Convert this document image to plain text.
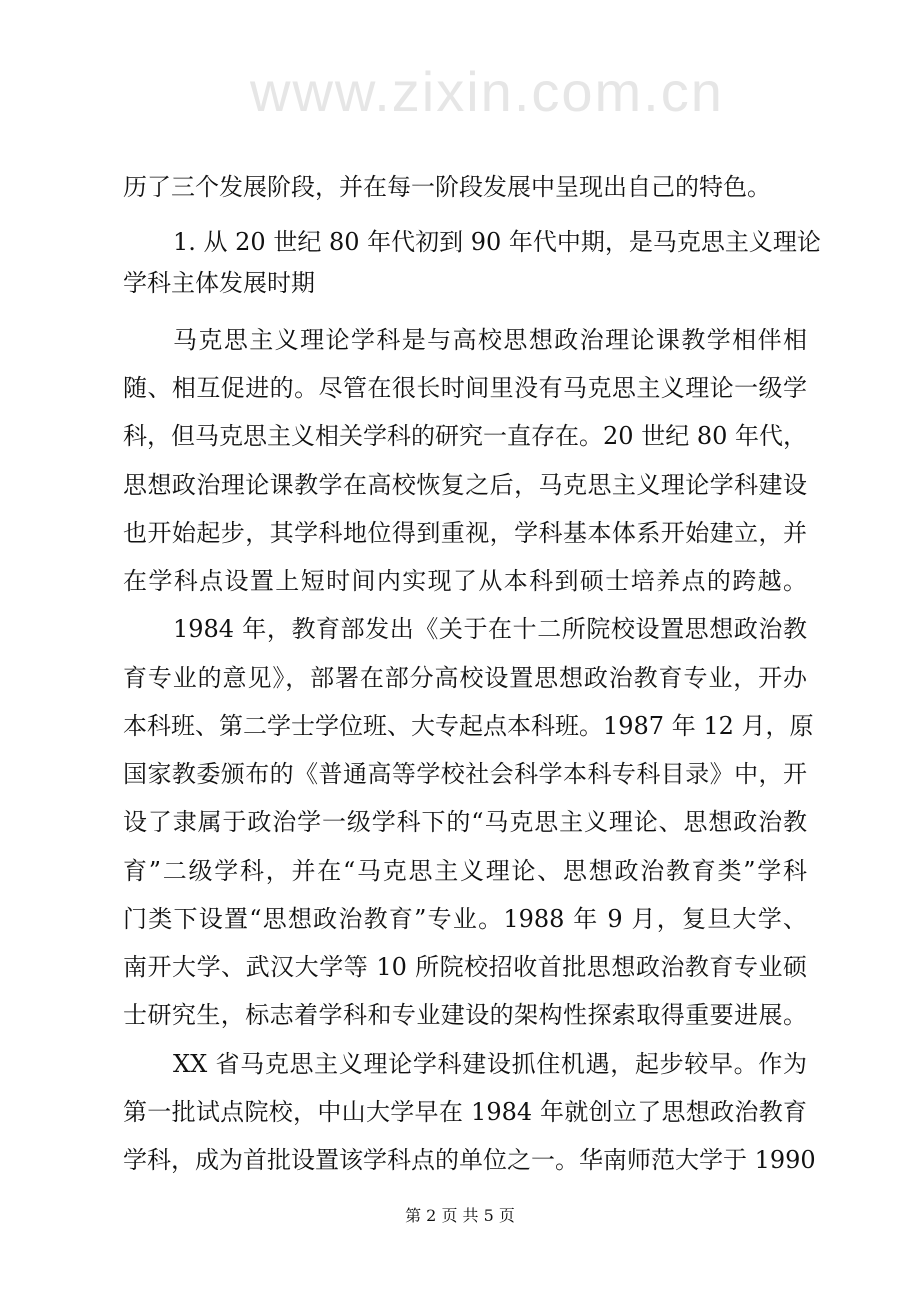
www.zixin.com.cn
历了三个发展阶段，并在每一阶段发展中呈现出自己的特色。
1. 从 20 世纪 80 年代初到 90 年代中期，是马克思主义理论
学科主体发展时期
马克思主义理论学科是与高校思想政治理论课教学相伴相
随、相互促进的。尽管在很长时间里没有马克思主义理论一级学
科，但马克思主义相关学科的研究一直存在。20 世纪 80 年代，
思想政治理论课教学在高校恢复之后，马克思主义理论学科建设
也开始起步，其学科地位得到重视，学科基本体系开始建立，并
在学科点设置上短时间内实现了从本科到硕士培养点的跨越。
1984 年，教育部发出《关于在十二所院校设置思想政治教
育专业的意见》，部署在部分高校设置思想政治教育专业，开办
本科班、第二学士学位班、大专起点本科班。1987 年 12 月，原
国家教委颁布的《普通高等学校社会科学本科专科目录》中，开
设了隶属于政治学一级学科下的“马克思主义理论、思想政治教
育”二级学科，并在“马克思主义理论、思想政治教育类”学科
门类下设置“思想政治教育”专业。1988 年 9 月，复旦大学、
南开大学、武汉大学等 10 所院校招收首批思想政治教育专业硕
士研究生，标志着学科和专业建设的架构性探索取得重要进展。
XX 省马克思主义理论学科建设抓住机遇，起步较早。作为
第一批试点院校，中山大学早在 1984 年就创立了思想政治教育
学科，成为首批设置该学科点的单位之一。华南师范大学于 1990
第 2 页 共 5 页
